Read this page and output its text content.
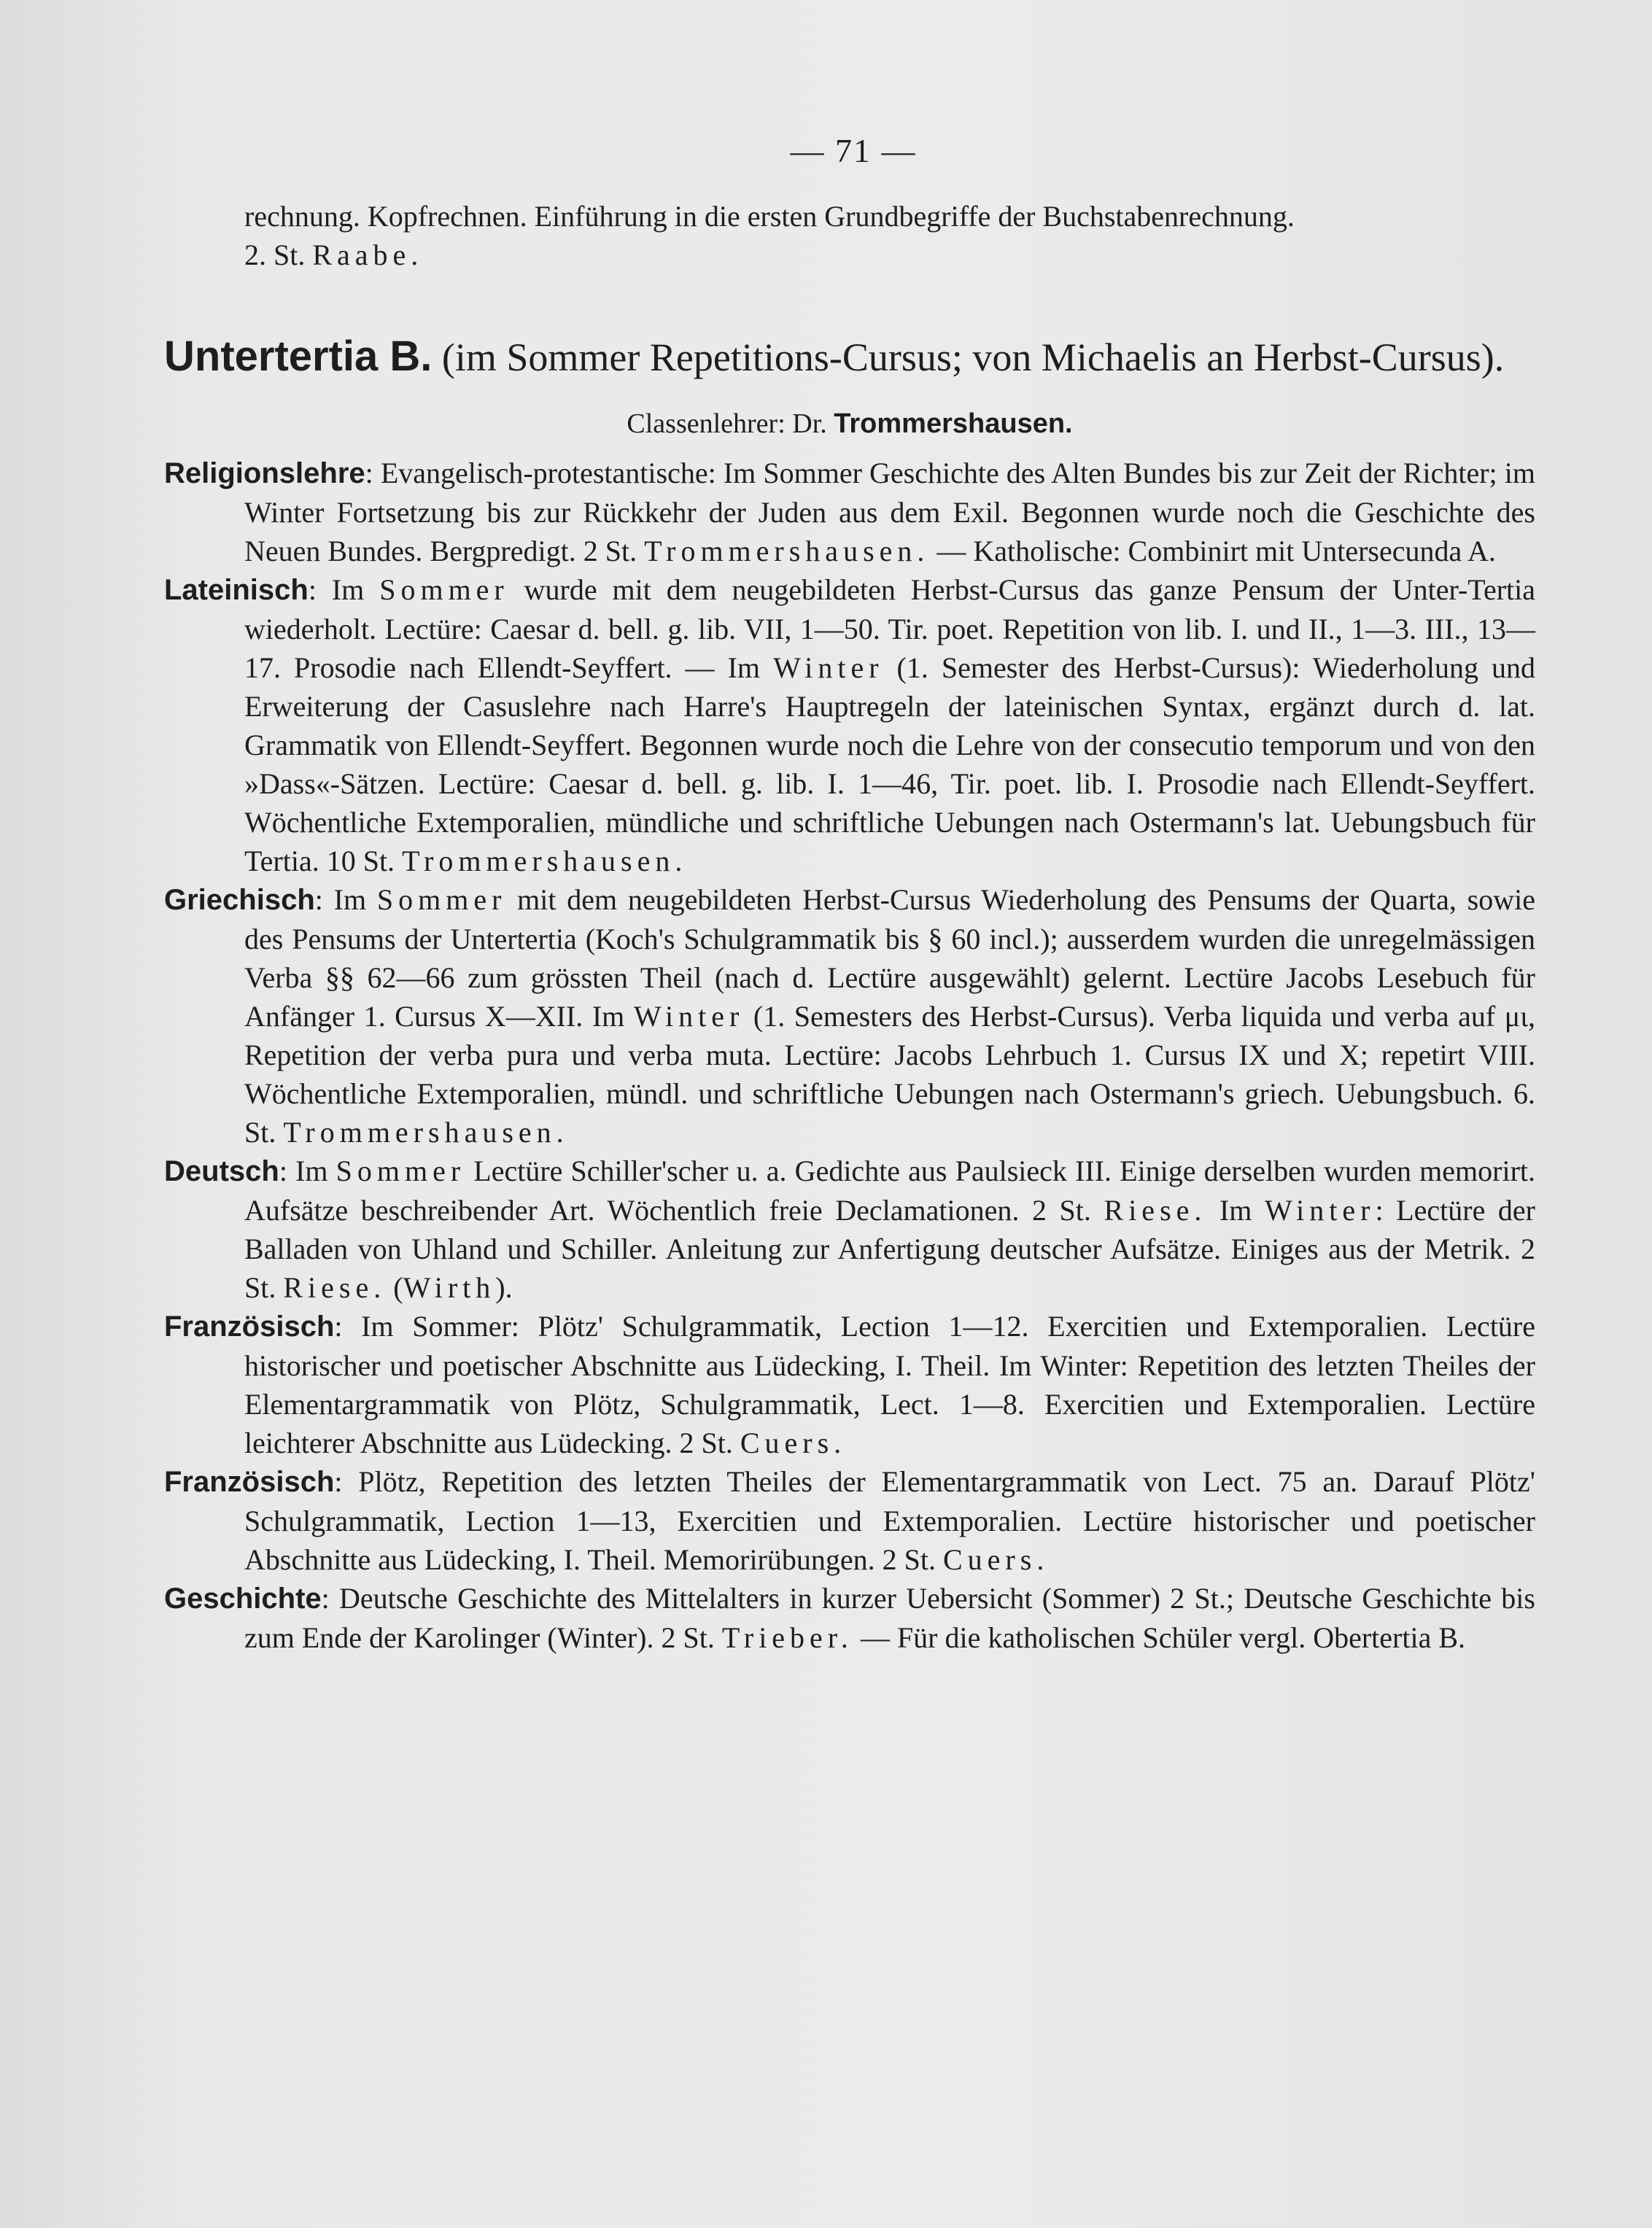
— 71 —

rechnung. Kopfrechnen. Einführung in die ersten Grundbegriffe der Buchstabenrechnung.

2. St. Raabe.

Untertertia B. (im Sommer Repetitions-Cursus; von Michaelis an Herbst-Cursus).

Classenlehrer: Dr. Trommershausen.

Religionslehre: Evangelisch-protestantische: Im Sommer Geschichte des Alten Bundes bis zur Zeit der Richter; im Winter Fortsetzung bis zur Rückkehr der Juden aus dem Exil. Begonnen wurde noch die Geschichte des Neuen Bundes. Bergpredigt. 2 St. Trommershausen. — Katholische: Combinirt mit Untersecunda A.

Lateinisch: Im Sommer wurde mit dem neugebildeten Herbst-Cursus das ganze Pensum der Unter-Tertia wiederholt. Lectüre: Caesar d. bell. g. lib. VII, 1—50. Tir. poet. Repetition von lib. I. und II., 1—3. III., 13—17. Prosodie nach Ellendt-Seyffert. — Im Winter (1. Semester des Herbst-Cursus): Wiederholung und Erweiterung der Casuslehre nach Harre's Hauptregeln der lateinischen Syntax, ergänzt durch d. lat. Grammatik von Ellendt-Seyffert. Begonnen wurde noch die Lehre von der consecutio temporum und von den »Dass«-Sätzen. Lectüre: Caesar d. bell. g. lib. I. 1—46, Tir. poet. lib. I. Prosodie nach Ellendt-Seyffert. Wöchentliche Extemporalien, mündliche und schriftliche Uebungen nach Ostermann's lat. Uebungsbuch für Tertia. 10 St. Trommershausen.

Griechisch: Im Sommer mit dem neugebildeten Herbst-Cursus Wiederholung des Pensums der Quarta, sowie des Pensums der Untertertia (Koch's Schulgrammatik bis § 60 incl.); ausserdem wurden die unregelmässigen Verba §§ 62—66 zum grössten Theil (nach d. Lectüre ausgewählt) gelernt. Lectüre Jacobs Lesebuch für Anfänger 1. Cursus X—XII. Im Winter (1. Semesters des Herbst-Cursus). Verba liquida und verba auf μι, Repetition der verba pura und verba muta. Lectüre: Jacobs Lehrbuch 1. Cursus IX und X; repetirt VIII. Wöchentliche Extemporalien, mündl. und schriftliche Uebungen nach Ostermann's griech. Uebungsbuch. 6. St. Trommershausen.

Deutsch: Im Sommer Lectüre Schiller'scher u. a. Gedichte aus Paulsieck III. Einige derselben wurden memorirt. Aufsätze beschreibender Art. Wöchentlich freie Declamationen. 2 St. Riese. Im Winter: Lectüre der Balladen von Uhland und Schiller. Anleitung zur Anfertigung deutscher Aufsätze. Einiges aus der Metrik. 2 St. Riese. (Wirth).

Französisch: Im Sommer: Plötz' Schulgrammatik, Lection 1—12. Exercitien und Extemporalien. Lectüre historischer und poetischer Abschnitte aus Lüdecking, I. Theil. Im Winter: Repetition des letzten Theiles der Elementargrammatik von Plötz, Schulgrammatik, Lect. 1—8. Exercitien und Extemporalien. Lectüre leichterer Abschnitte aus Lüdecking. 2 St. Cuers.

Französisch: Plötz, Repetition des letzten Theiles der Elementargrammatik von Lect. 75 an. Darauf Plötz' Schulgrammatik, Lection 1—13, Exercitien und Extemporalien. Lectüre historischer und poetischer Abschnitte aus Lüdecking, I. Theil. Memorirübungen. 2 St. Cuers.

Geschichte: Deutsche Geschichte des Mittelalters in kurzer Uebersicht (Sommer) 2 St.; Deutsche Geschichte bis zum Ende der Karolinger (Winter). 2 St. Trieber. — Für die katholischen Schüler vergl. Obertertia B.
